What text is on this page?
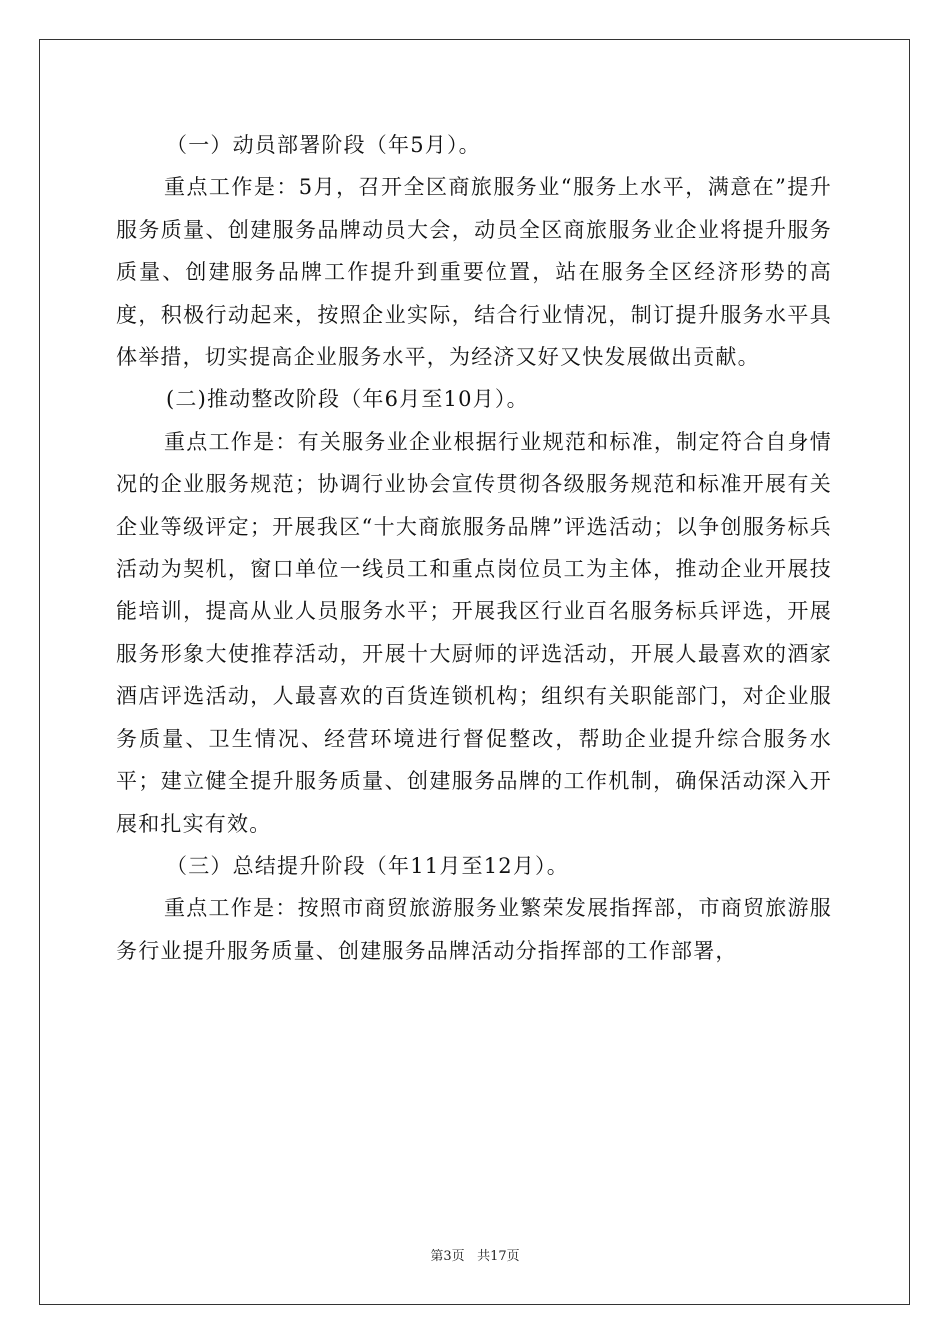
（一）动员部署阶段（年5月）。

重点工作是：5月，召开全区商旅服务业“服务上水平，满意在”提升服务质量、创建服务品牌动员大会，动员全区商旅服务业企业将提升服务质量、创建服务品牌工作提升到重要位置，站在服务全区经济形势的高度，积极行动起来，按照企业实际，结合行业情况，制订提升服务水平具体举措，切实提高企业服务水平，为经济又好又快发展做出贡献。

(二)推动整改阶段（年6月至10月）。

重点工作是：有关服务业企业根据行业规范和标准，制定符合自身情况的企业服务规范；协调行业协会宣传贯彻各级服务规范和标准开展有关企业等级评定；开展我区“十大商旅服务品牌”评选活动；以争创服务标兵活动为契机，窗口单位一线员工和重点岗位员工为主体，推动企业开展技能培训，提高从业人员服务水平；开展我区行业百名服务标兵评选，开展服务形象大使推荐活动，开展十大厨师的评选活动，开展人最喜欢的酒家酒店评选活动，人最喜欢的百货连锁机构；组织有关职能部门，对企业服务质量、卫生情况、经营环境进行督促整改，帮助企业提升综合服务水平；建立健全提升服务质量、创建服务品牌的工作机制，确保活动深入开展和扎实有效。

（三）总结提升阶段（年11月至12月）。

重点工作是：按照市商贸旅游服务业繁荣发展指挥部，市商贸旅游服务行业提升服务质量、创建服务品牌活动分指挥部的工作部署，

第3页 共17页
